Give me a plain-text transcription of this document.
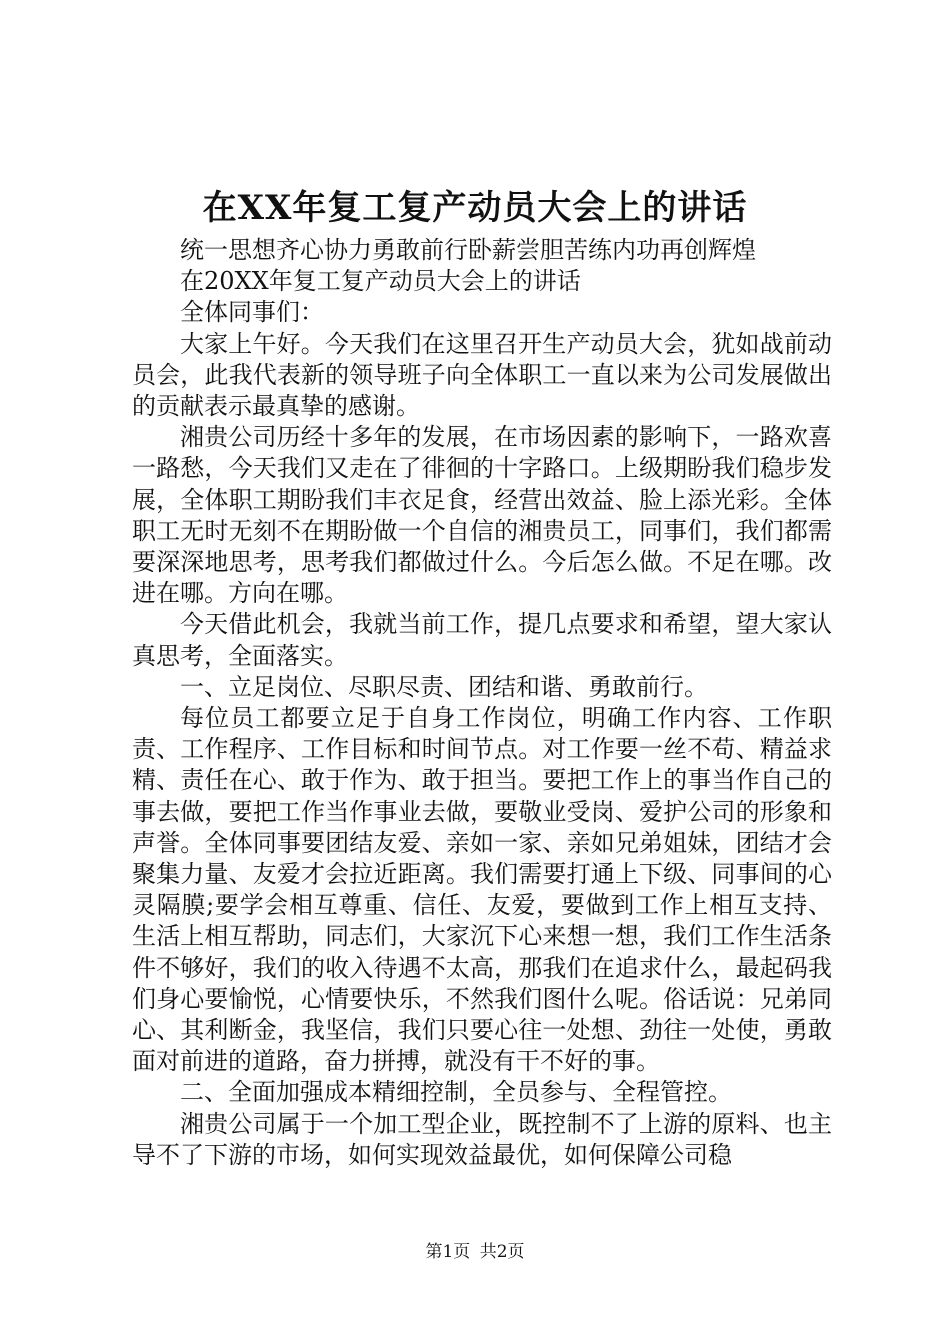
在XX年复工复产动员大会上的讲话

统一思想齐心协力勇敢前行卧薪尝胆苦练内功再创辉煌

在20XX年复工复产动员大会上的讲话

全体同事们：

大家上午好。今天我们在这里召开生产动员大会，犹如战前动员会，此我代表新的领导班子向全体职工一直以来为公司发展做出的贡献表示最真挚的感谢。

湘贵公司历经十多年的发展，在市场因素的影响下，一路欢喜一路愁，今天我们又走在了徘徊的十字路口。上级期盼我们稳步发展，全体职工期盼我们丰衣足食，经营出效益、脸上添光彩。全体职工无时无刻不在期盼做一个自信的湘贵员工，同事们，我们都需要深深地思考，思考我们都做过什么。今后怎么做。不足在哪。改进在哪。方向在哪。

今天借此机会，我就当前工作，提几点要求和希望，望大家认真思考，全面落实。

一、立足岗位、尽职尽责、团结和谐、勇敢前行。

每位员工都要立足于自身工作岗位，明确工作内容、工作职责、工作程序、工作目标和时间节点。对工作要一丝不苟、精益求精、责任在心、敢于作为、敢于担当。要把工作上的事当作自己的事去做，要把工作当作事业去做，要敬业受岗、爱护公司的形象和声誉。全体同事要团结友爱、亲如一家、亲如兄弟姐妹，团结才会聚集力量、友爱才会拉近距离。我们需要打通上下级、同事间的心灵隔膜;要学会相互尊重、信任、友爱，要做到工作上相互支持、生活上相互帮助，同志们，大家沉下心来想一想，我们工作生活条件不够好，我们的收入待遇不太高，那我们在追求什么，最起码我们身心要愉悦，心情要快乐，不然我们图什么呢。俗话说：兄弟同心、其利断金，我坚信，我们只要心往一处想、劲往一处使，勇敢面对前进的道路，奋力拼搏，就没有干不好的事。

二、全面加强成本精细控制，全员参与、全程管控。

湘贵公司属于一个加工型企业，既控制不了上游的原料、也主导不了下游的市场，如何实现效益最优，如何保障公司稳

第1页 共2页
